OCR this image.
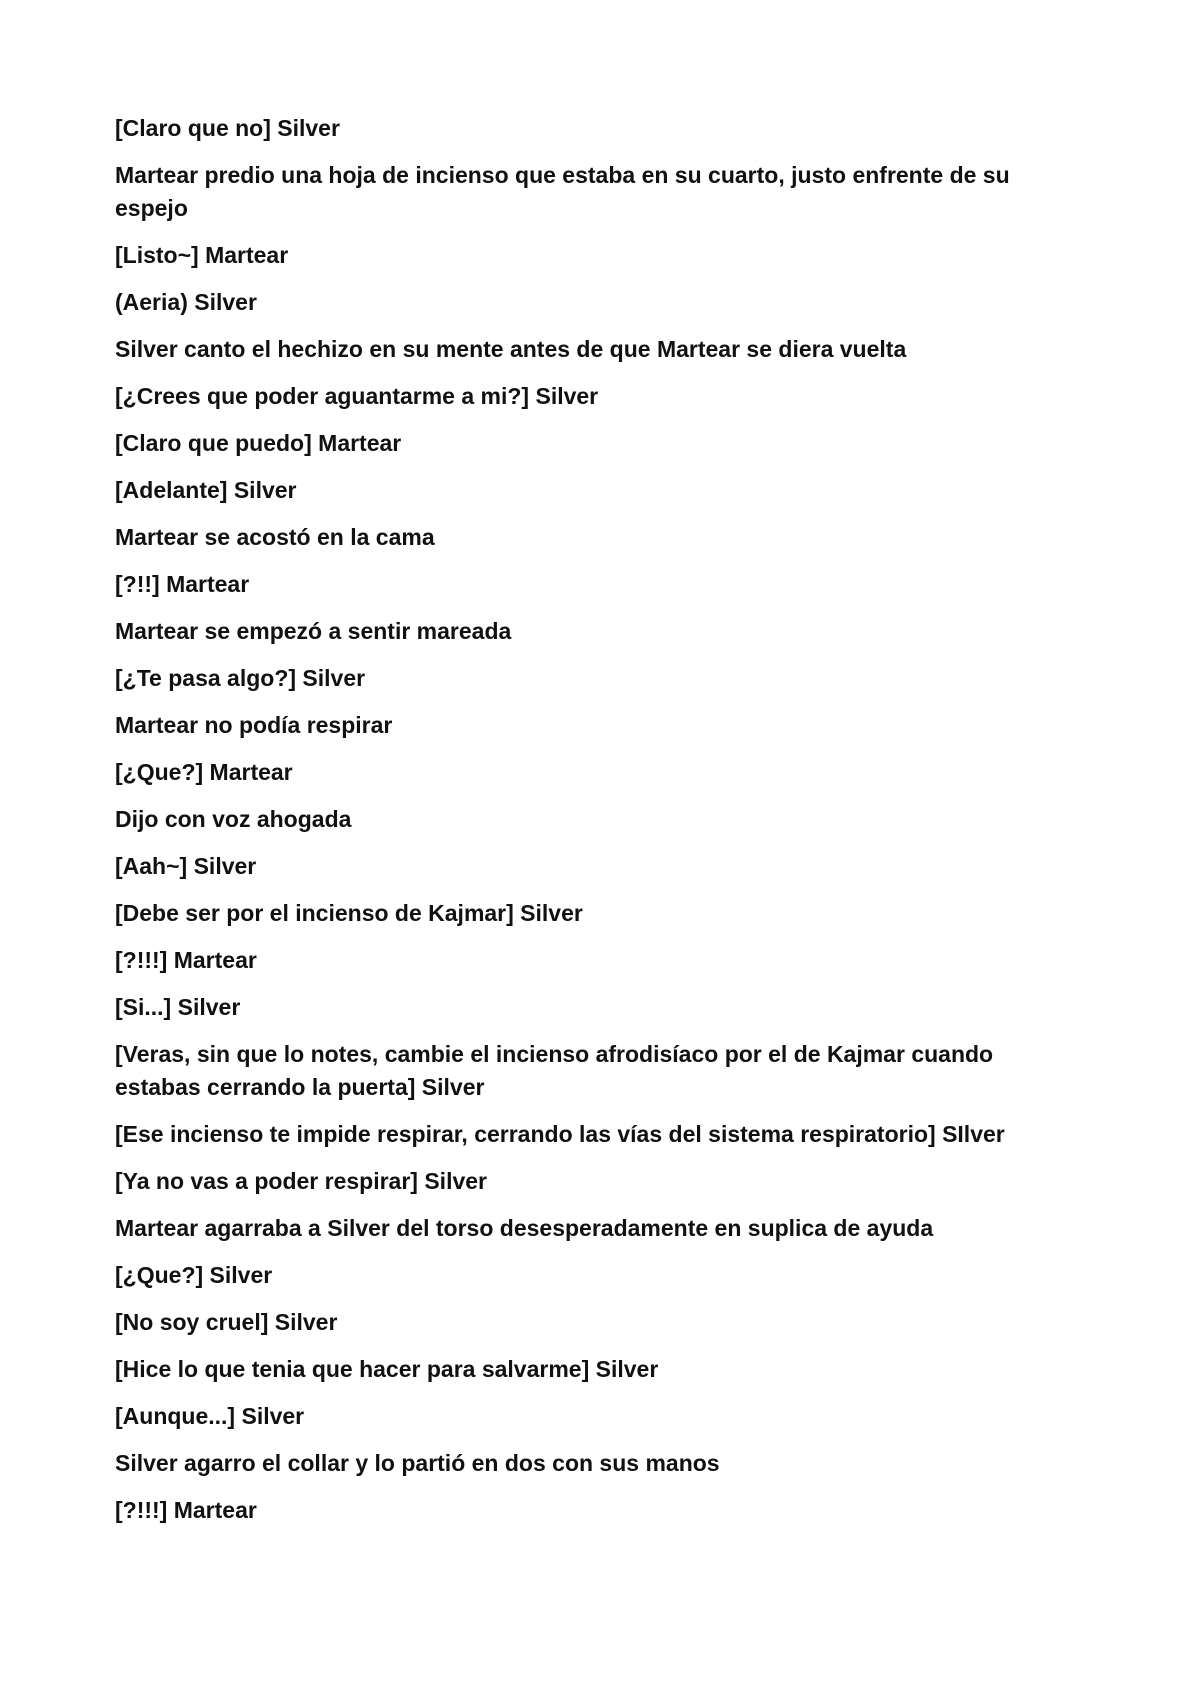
[Claro que no] Silver

Martear predio una hoja de incienso que estaba en su cuarto, justo enfrente de su espejo

[Listo~] Martear

(Aeria) Silver

Silver canto el hechizo en su mente antes de que Martear se diera vuelta

[¿Crees que poder aguantarme a mi?] Silver

[Claro que puedo] Martear

[Adelante] Silver

Martear se acostó en la cama

[?!!] Martear

Martear se empezó a sentir mareada

[¿Te pasa algo?] Silver

Martear no podía respirar

[¿Que?] Martear

Dijo con voz ahogada

[Aah~] Silver

[Debe ser por el incienso de Kajmar] Silver

[?!!!] Martear

[Si...] Silver

[Veras, sin que lo notes, cambie el incienso afrodisíaco por el de Kajmar cuando estabas cerrando la puerta] Silver

[Ese incienso te impide respirar, cerrando las vías del sistema respiratorio] SIlver

[Ya no vas a poder respirar] Silver

Martear agarraba a Silver del torso desesperadamente en suplica de ayuda

[¿Que?] Silver

[No soy cruel] Silver

[Hice lo que tenia que hacer para salvarme] Silver

[Aunque...] Silver

Silver agarro el collar y lo partió en dos con sus manos

[?!!!] Martear
